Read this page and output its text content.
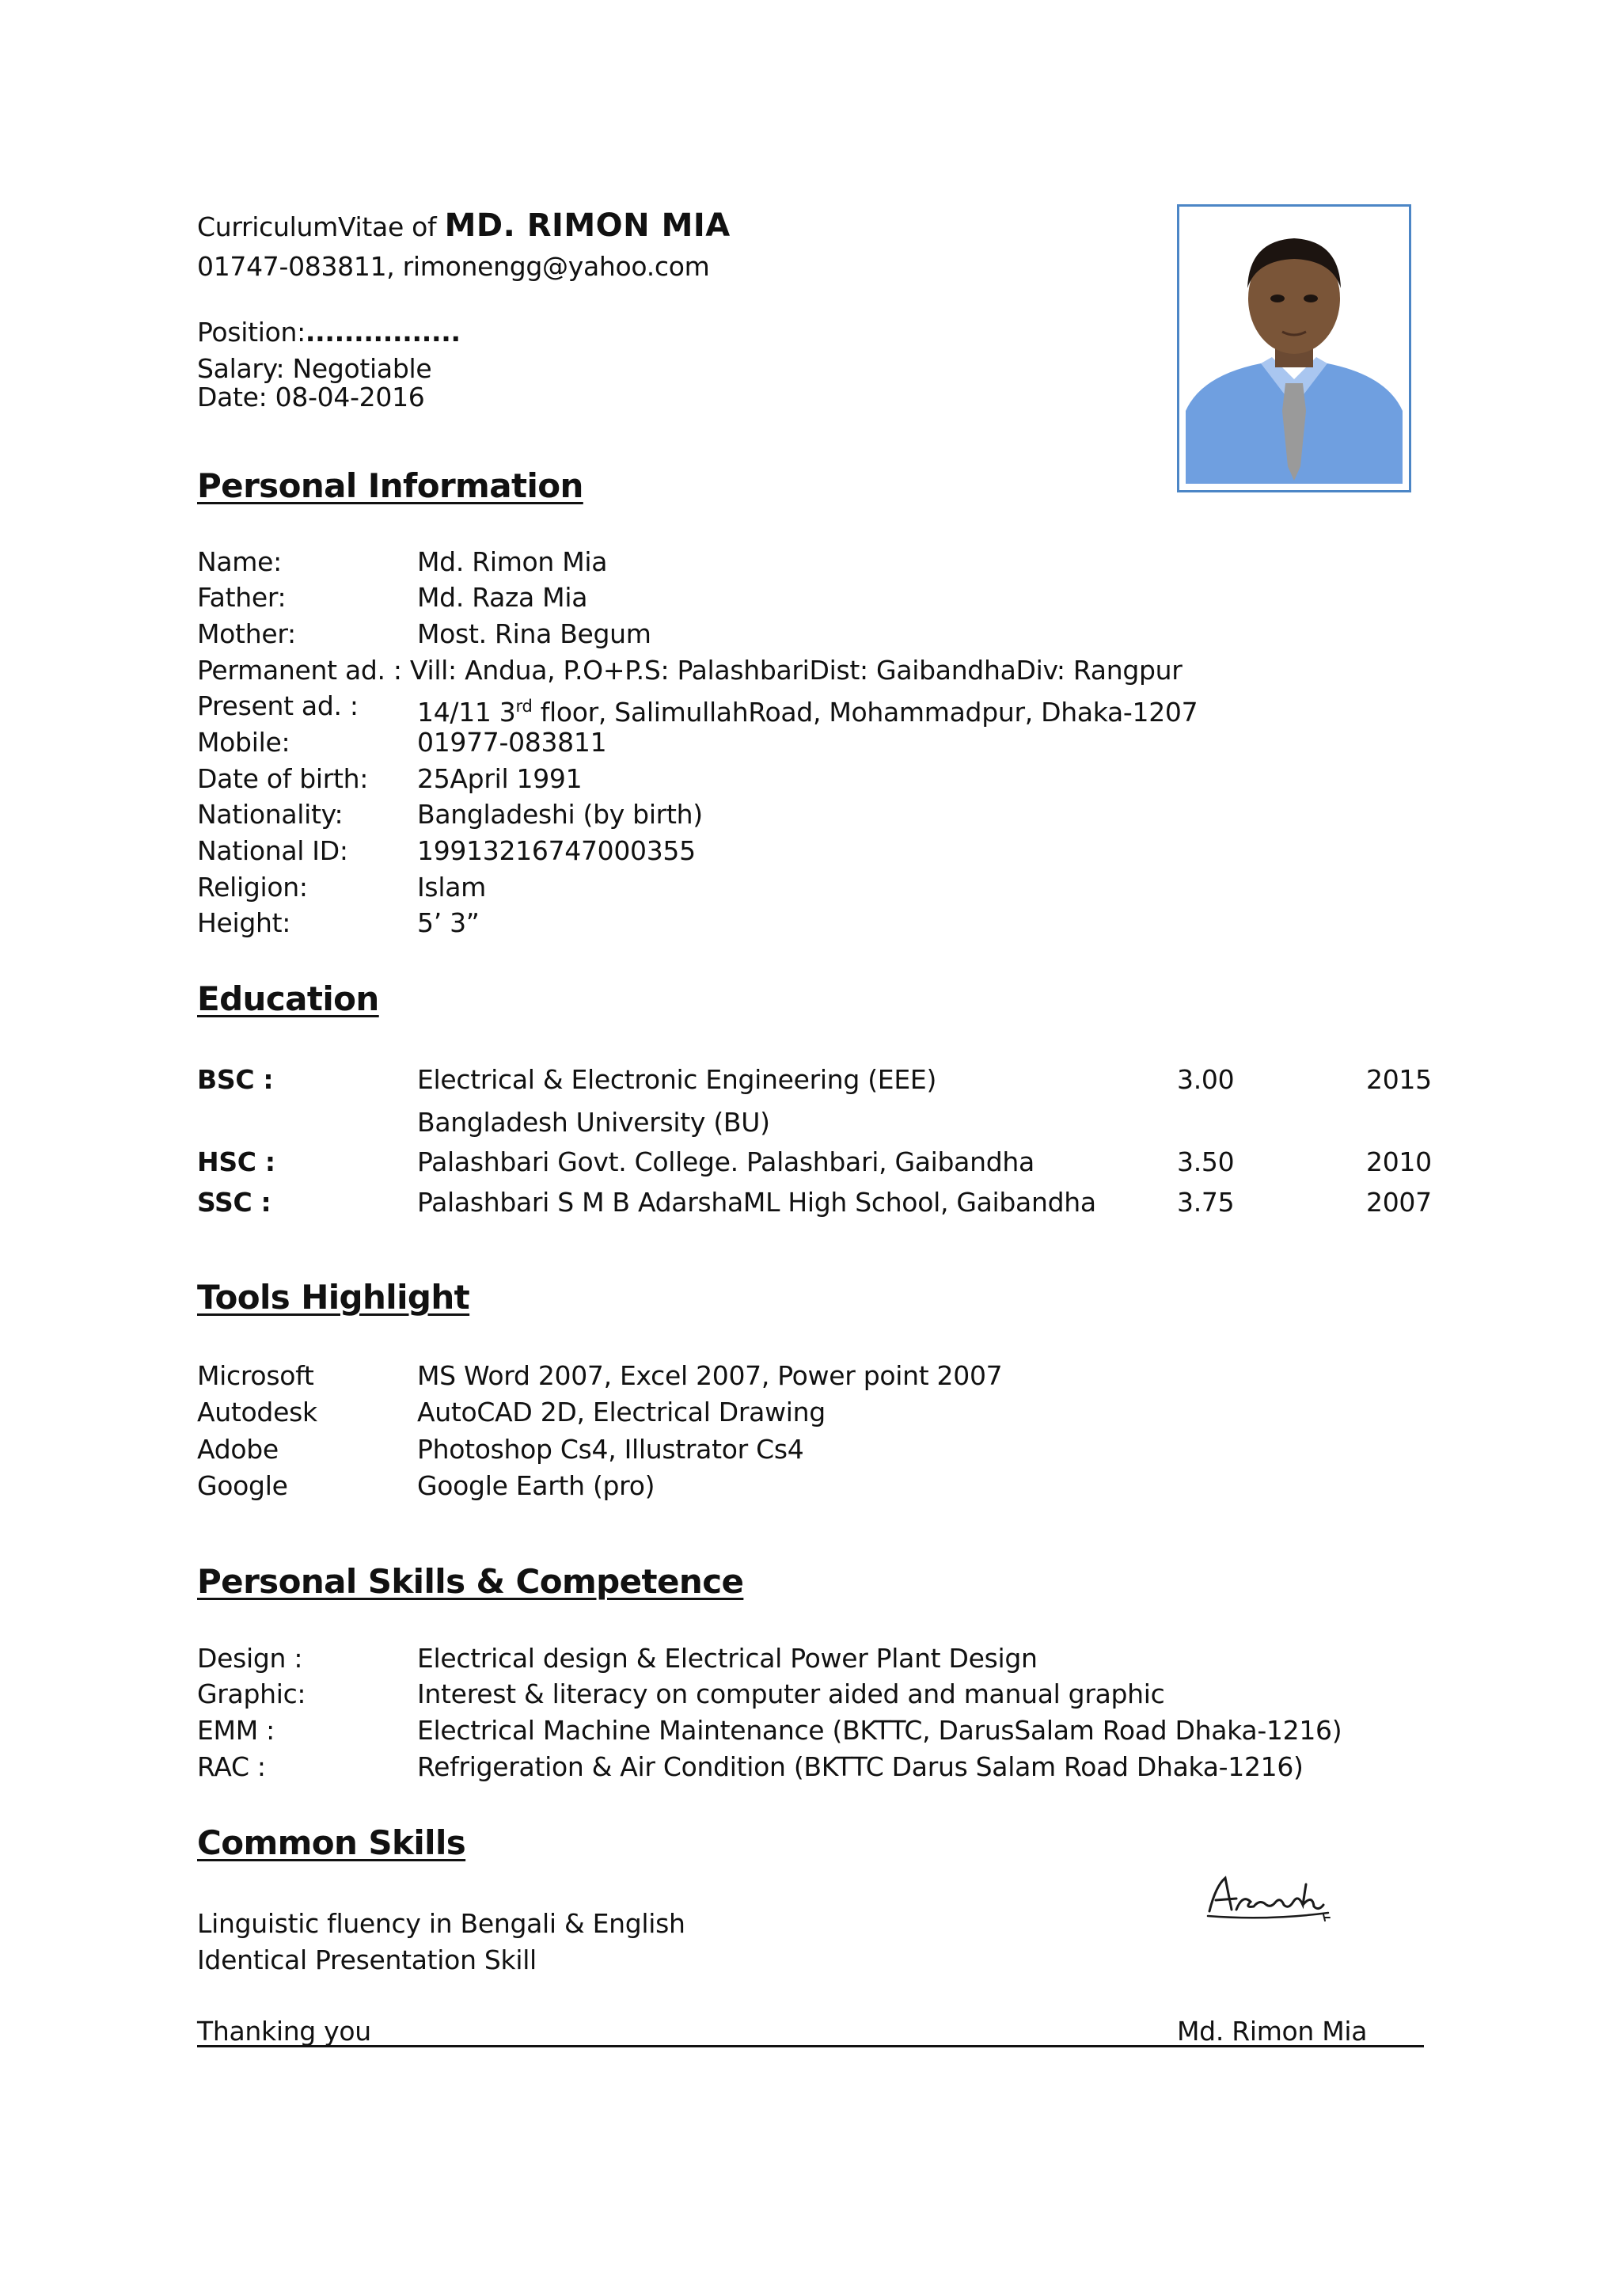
CurriculumVitae of MD. RIMON MIA
01747-083811, rimonengg@yahoo.com
Position:................
Salary: Negotiable
Date: 08-04-2016
Personal Information
Name:	Md. Rimon Mia
Father:	Md. Raza Mia
Mother:	Most. Rina Begum
Permanent ad. : Vill: Andua, P.O+P.S: PalashbariDist: GaibandhaDiv: Rangpur
Present ad. : 14/11 3rd floor, SalimullahRoad, Mohammadpur, Dhaka-1207
Mobile:	01977-083811
Date of birth: 25April 1991
Nationality:	Bangladeshi (by birth)
National ID:	19913216747000355
Religion:	Islam
Height:	5’ 3”
Education
BSC :	Electrical & Electronic Engineering (EEE)	3.00	2015
Bangladesh University (BU)
HSC :	Palashbari Govt. College. Palashbari, Gaibandha	3.50	2010
SSC :	Palashbari S M B AdarshaML High School, Gaibandha	3.75	2007
Tools Highlight
Microsoft	MS Word 2007, Excel 2007, Power point 2007
Autodesk	AutoCAD 2D, Electrical Drawing
Adobe	Photoshop Cs4, Illustrator Cs4
Google	Google Earth (pro)
Personal Skills & Competence
Design :	Electrical design & Electrical Power Plant Design
Graphic:	Interest & literacy on computer aided and manual graphic
EMM :	Electrical Machine Maintenance (BKTTC, DarusSalam Road Dhaka-1216)
RAC :	Refrigeration & Air Condition (BKTTC Darus Salam Road Dhaka-1216)
Common Skills
Linguistic fluency in Bengali & English
Identical Presentation Skill
Thanking you	Md. Rimon Mia
